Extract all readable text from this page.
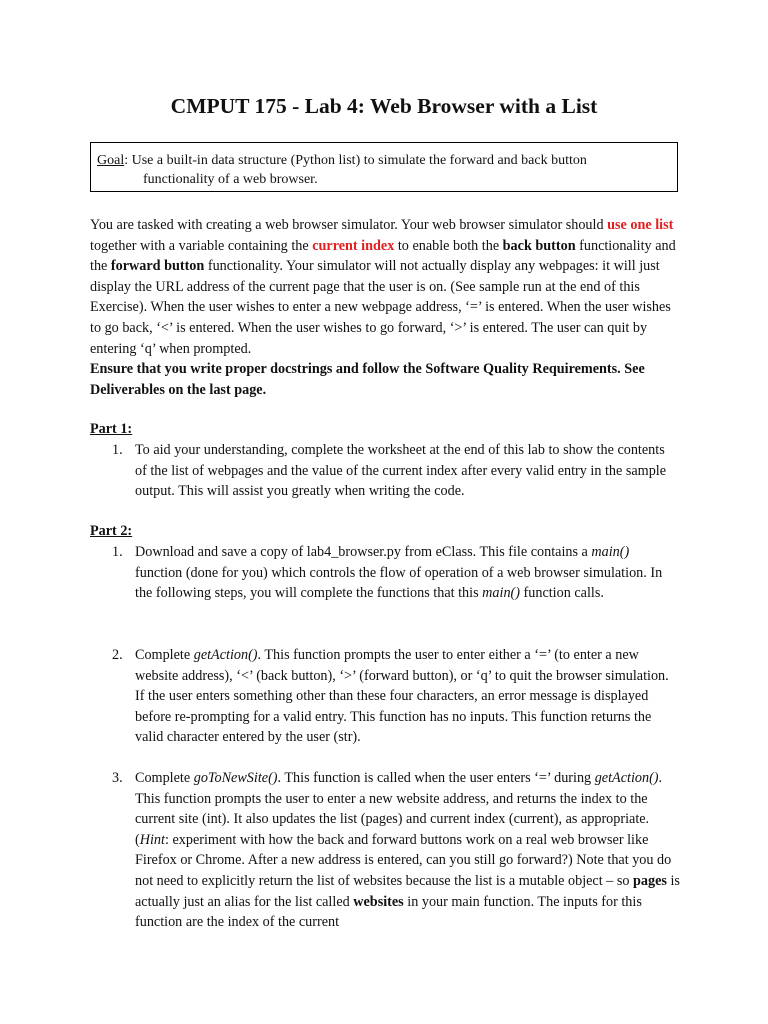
CMPUT 175 - Lab 4: Web Browser with a List
Goal: Use a built-in data structure (Python list) to simulate the forward and back button
functionality of a web browser.

You are tasked with creating a web browser simulator. Your web browser simulator should use one list together with a variable containing the current index to enable both the back button functionality and the forward button functionality. Your simulator will not actually display any webpages: it will just display the URL address of the current page that the user is on. (See sample run at the end of this Exercise). When the user wishes to enter a new webpage address, ‘=’ is entered. When the user wishes to go back, ‘<’ is entered. When the user wishes to go forward, ‘>’ is entered. The user can quit by entering ‘q’ when prompted.
Ensure that you write proper docstrings and follow the Software Quality Requirements. See Deliverables on the last page.

Part 1:

1. To aid your understanding, complete the worksheet at the end of this lab to show the contents of the list of webpages and the value of the current index after every valid entry in the sample output. This will assist you greatly when writing the code.

Part 2:

1. Download and save a copy of lab4_browser.py from eClass. This file contains a main() function (done for you) which controls the flow of operation of a web browser simulation. In the following steps, you will complete the functions that this main() function calls.

2. Complete getAction(). This function prompts the user to enter either a ‘=’ (to enter a new website address), ‘<’ (back button), ‘>’ (forward button), or ‘q’ to quit the browser simulation. If the user enters something other than these four characters, an error message is displayed before re-prompting for a valid entry. This function has no inputs. This function returns the valid character entered by the user (str).

3. Complete goToNewSite(). This function is called when the user enters ‘=’ during getAction(). This function prompts the user to enter a new website address, and returns the index to the current site (int). It also updates the list (pages) and current index (current), as appropriate. (Hint: experiment with how the back and forward buttons work on a real web browser like Firefox or Chrome. After a new address is entered, can you still go forward?) Note that you do not need to explicitly return the list of websites because the list is a mutable object – so pages is actually just an alias for the list called websites in your main function. The inputs for this function are the index of the current
